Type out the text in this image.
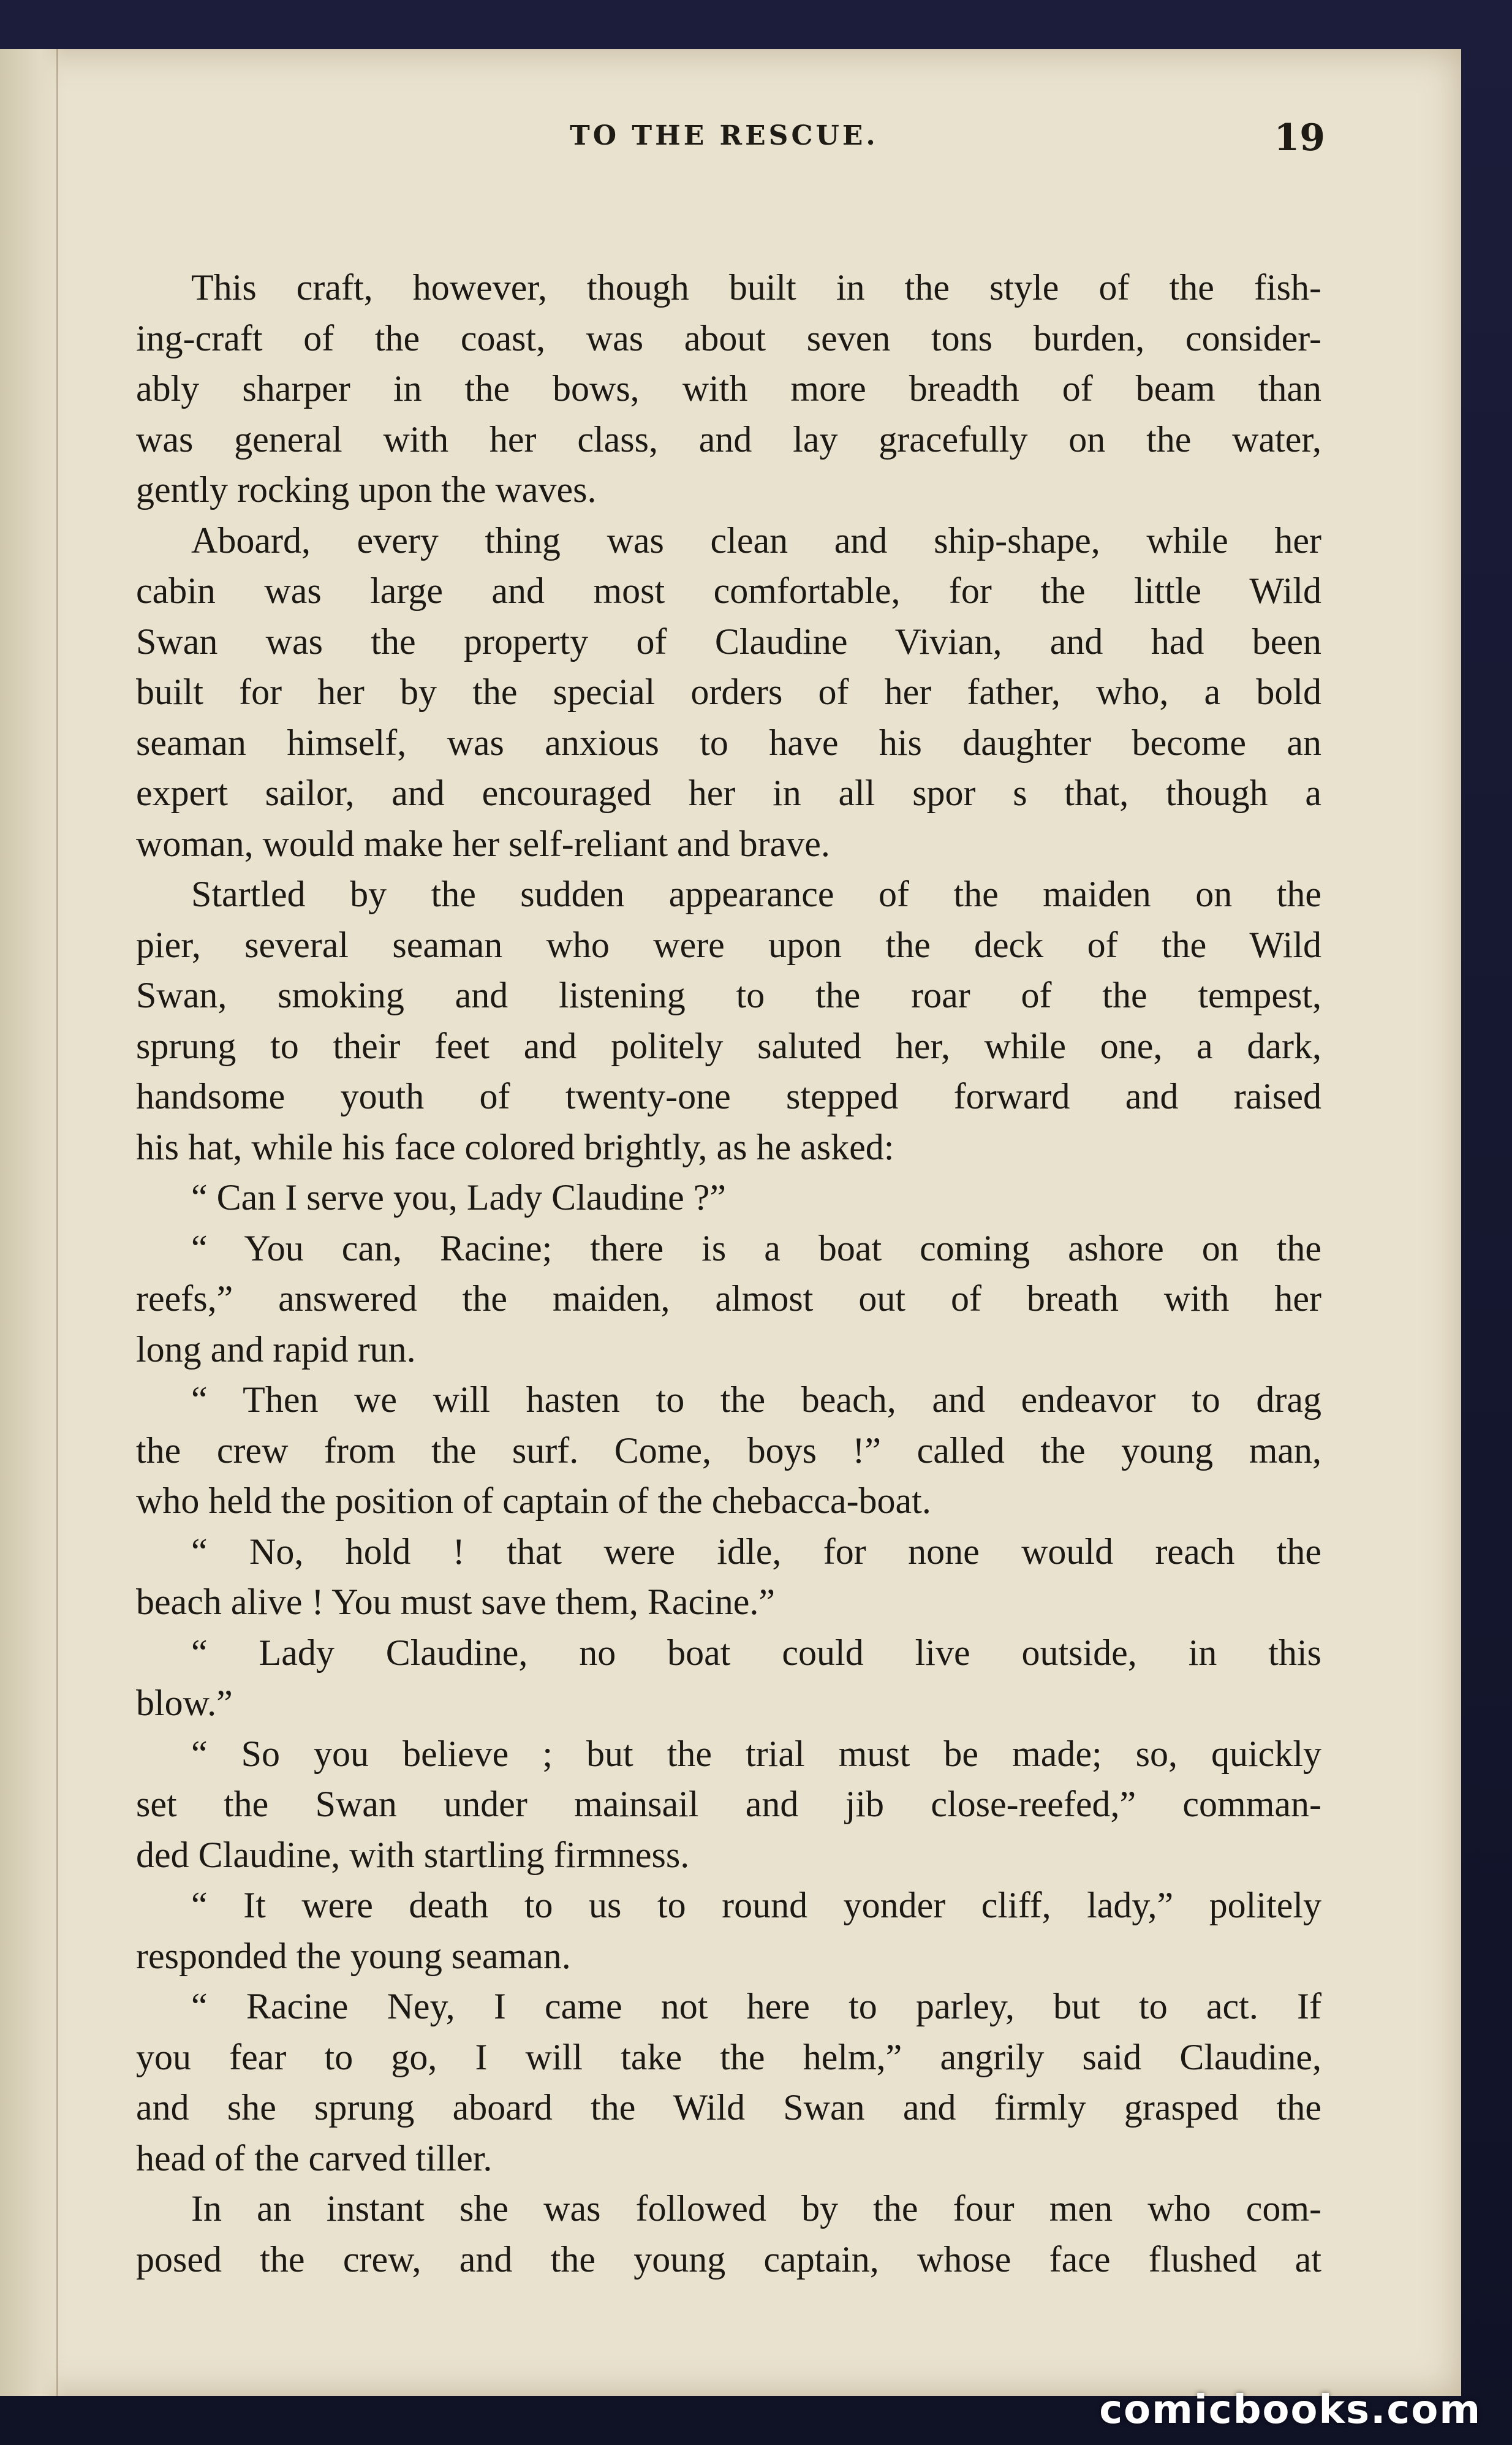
TO THE RESCUE.	19
This craft, however, though built in the style of the fish-
ing-craft of the coast, was about seven tons burden, consider-
ably sharper in the bows, with more breadth of beam than
was general with her class, and lay gracefully on the water,
gently rocking upon the waves.
Aboard, every thing was clean and ship-shape, while her
cabin was large and most comfortable, for the little Wild
Swan was the property of Claudine Vivian, and had been
built for her by the special orders of her father, who, a bold
seaman himself, was anxious to have his daughter become an
expert sailor, and encouraged her in all spor s that, though a
woman, would make her self-reliant and brave.
Startled by the sudden appearance of the maiden on the
pier, several seaman who were upon the deck of the Wild
Swan, smoking and listening to the roar of the tempest,
sprung to their feet and politely saluted her, while one, a dark,
handsome youth of twenty-one stepped forward and raised
his hat, while his face colored brightly, as he asked:
“ Can I serve you, Lady Claudine ?”
“ You can, Racine; there is a boat coming ashore on the
reefs,” answered the maiden, almost out of breath with her
long and rapid run.
“ Then we will hasten to the beach, and endeavor to drag
the crew from the surf. Come, boys !” called the young man,
who held the position of captain of the chebacca-boat.
“ No, hold ! that were idle, for none would reach the
beach alive ! You must save them, Racine.”
“ Lady Claudine, no boat could live outside, in this
blow.”
“ So you believe ; but the trial must be made; so, quickly
set the Swan under mainsail and jib close-reefed,” comman-
ded Claudine, with startling firmness.
“ It were death to us to round yonder cliff, lady,” politely
responded the young seaman.
“ Racine Ney, I came not here to parley, but to act. If
you fear to go, I will take the helm,” angrily said Claudine,
and she sprung aboard the Wild Swan and firmly grasped the
head of the carved tiller.
In an instant she was followed by the four men who com-
posed the crew, and the young captain, whose face flushed at
comicbooks.com
